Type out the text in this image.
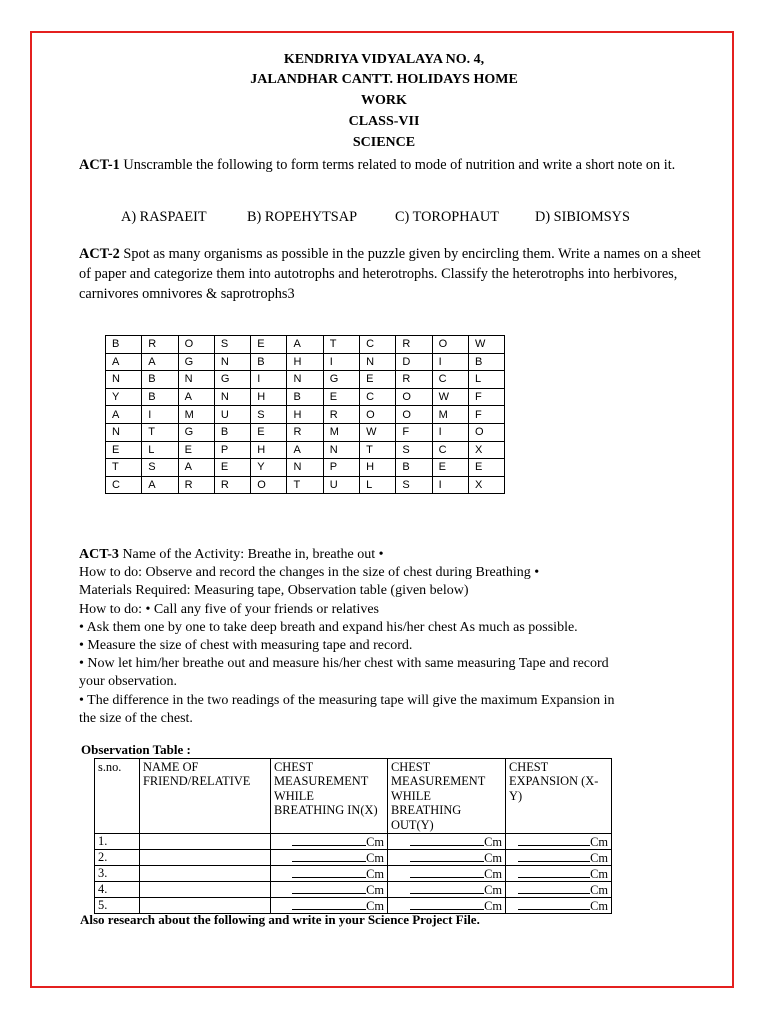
KENDRIYA VIDYALAYA NO. 4,
JALANDHAR CANTT. HOLIDAYS HOME
WORK
CLASS-VII
SCIENCE
ACT-1 Unscramble the following to form terms related to mode of nutrition and write a short note on it.
A) RASPAEIT	B) ROPEHYTSAP	C) TOROPHAUT	D) SIBIOMSYS
ACT-2 Spot as many organisms as possible in the puzzle given by encircling them. Write a names on a sheet of paper and categorize them into autotrophs and heterotrophs. Classify the heterotrophs into herbivores, carnivores omnivores & saprotrophs3
B	R	O	S	E	A	T	C	R	O	W
A	A	G	N	B	H	I	N	D	I	B
N	B	N	G	I	N	G	E	R	C	L
Y	B	A	N	H	B	E	C	O	W	F
A	I	M	U	S	H	R	O	O	M	F
N	T	G	B	E	R	M	W	F	I	O
E	L	E	P	H	A	N	T	S	C	X
T	S	A	E	Y	N	P	H	B	E	E
C	A	R	R	O	T	U	L	S	I	X
ACT-3 Name of the Activity: Breathe in, breathe out •
How to do: Observe and record the changes in the size of chest during Breathing •
Materials Required: Measuring tape, Observation table (given below)
How to do: • Call any five of your friends or relatives
• Ask them one by one to take deep breath and expand his/her chest As much as possible.
• Measure the size of chest with measuring tape and record.
• Now let him/her breathe out and measure his/her chest with same measuring Tape and record
your observation.
• The difference in the two readings of the measuring tape will give the maximum Expansion in
the size of the chest.
Observation Table :
s.no.	NAME OF FRIEND/RELATIVE	CHEST MEASUREMENT WHILE BREATHING IN(X)	CHEST MEASUREMENT WHILE BREATHING OUT(Y)	CHEST EXPANSION (X-Y)
1.		Cm	Cm	Cm
2.		Cm	Cm	Cm
3.		Cm	Cm	Cm
4.		Cm	Cm	Cm
5.		Cm	Cm	Cm
Also research about the following and write in your Science Project File.
